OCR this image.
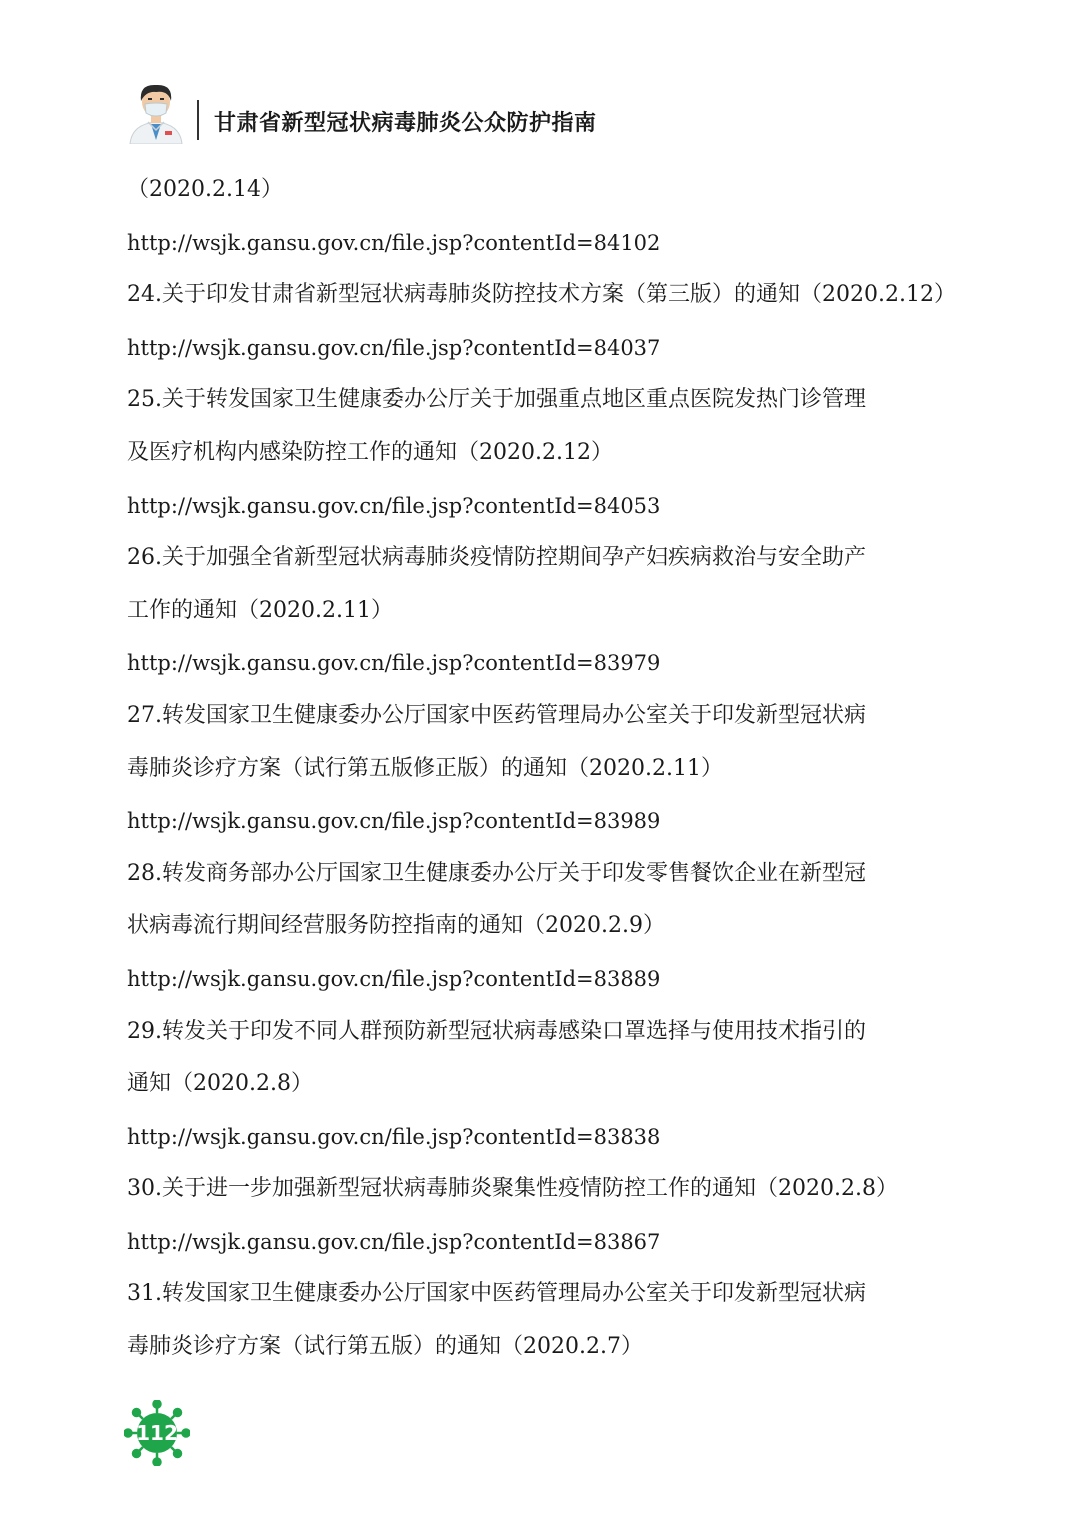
甘肃省新型冠状病毒肺炎公众防护指南
（2020.2.14）
http://wsjk.gansu.gov.cn/file.jsp?contentId=84102
24.关于印发甘肃省新型冠状病毒肺炎防控技术方案（第三版）的通知（2020.2.12）
http://wsjk.gansu.gov.cn/file.jsp?contentId=84037
25.关于转发国家卫生健康委办公厅关于加强重点地区重点医院发热门诊管理
及医疗机构内感染防控工作的通知（2020.2.12）
http://wsjk.gansu.gov.cn/file.jsp?contentId=84053
26.关于加强全省新型冠状病毒肺炎疫情防控期间孕产妇疾病救治与安全助产
工作的通知（2020.2.11）
http://wsjk.gansu.gov.cn/file.jsp?contentId=83979
27.转发国家卫生健康委办公厅国家中医药管理局办公室关于印发新型冠状病
毒肺炎诊疗方案（试行第五版修正版）的通知（2020.2.11）
http://wsjk.gansu.gov.cn/file.jsp?contentId=83989
28.转发商务部办公厅国家卫生健康委办公厅关于印发零售餐饮企业在新型冠
状病毒流行期间经营服务防控指南的通知（2020.2.9）
http://wsjk.gansu.gov.cn/file.jsp?contentId=83889
29.转发关于印发不同人群预防新型冠状病毒感染口罩选择与使用技术指引的
通知（2020.2.8）
http://wsjk.gansu.gov.cn/file.jsp?contentId=83838
30.关于进一步加强新型冠状病毒肺炎聚集性疫情防控工作的通知（2020.2.8）
http://wsjk.gansu.gov.cn/file.jsp?contentId=83867
31.转发国家卫生健康委办公厅国家中医药管理局办公室关于印发新型冠状病
毒肺炎诊疗方案（试行第五版）的通知（2020.2.7）
112
